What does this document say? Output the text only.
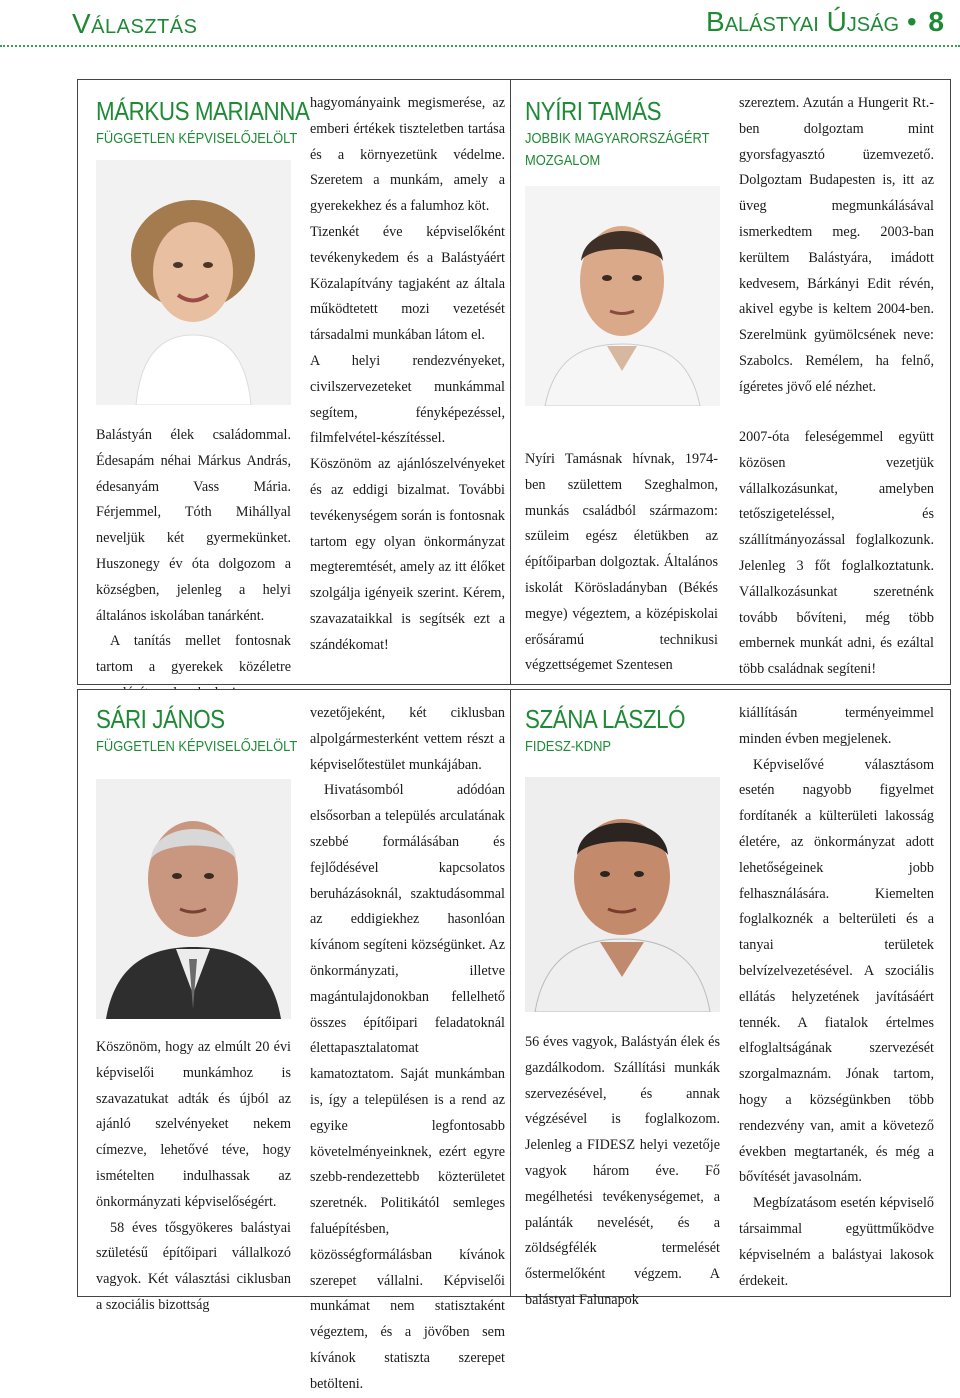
Választás	Balástyai Újság • 8
MÁRKUS MARIANNA
FÜGGETLEN KÉPVISELŐJELÖLT

Balástyán élek családommal. Édesapám néhai Márkus András, édesanyám Vass Mária. Férjemmel, Tóth Mihállyal neveljük két gyermekünket. Huszonegy év óta dolgozom a községben, jelenleg a helyi általános iskolában tanárként.

A tanítás mellet fontosnak tartom a gyerekek közéletre

hagyományaink megismerése, az emberi értékek tiszteletben tartása és a környezetünk védelme. Szeretem a munkám, amely a gyerekekhez és a falumhoz köt.

Tizenkét éve képviselőként tevékenykedem és a Balástyáért Közalapítvány tagjaként az általa működtetett mozi vezetését társadalmi munkában látom el.

A helyi rendezvényeket, civilszervezeteket munkámmal segítem, fényképezéssel, filmfelvétel-készítéssel.

Köszönöm az ajánlószelvényeket és az eddigi bizalmat. További tevékenységem során is fontosnak tartom egy olyan önkormányzat megteremtését, amely az itt élőket szolgálja igényeik szerint. Kérem, szavazataikkal is segítsék ezt a szándékomat!

NYÍRI TAMÁS
JOBBIK MAGYARORSZÁGÉRT
MOZGALOM

Nyíri Tamásnak hívnak, 1974-ben születtem Szeghalmon, munkás családból származom: szüleim egész életükben az építőiparban dolgoztak. Általános iskolát Körösladányban (Békés megye) végeztem, a középiskolai erősáramú technikusi végzettségemet Szentesen

szereztem. Azután a Hungerit Rt.-ben dolgoztam mint gyorsfagyasztó üzemvezető. Dolgoztam Budapesten is, itt az üveg megmunkálásával ismerkedtem meg. 2003-ban kerültem Balástyára, imádott kedvesem, Bárkányi Edit révén, akivel egybe is keltem 2004-ben. Szerelmünk gyümölcsének neve: Szabolcs. Remélem, ha felnő, ígéretes jövő elé nézhet.

2007-óta feleségemmel együtt közösen vezetjük vállalkozásunkat, amelyben tetőszigeteléssel, és szállítmányozással foglalkozunk. Jelenleg 3 főt foglalkoztatunk. Vállalkozásunkat szeretnénk tovább bővíteni, még több embernek munkát adni, és ezáltal több családnak segíteni!

SÁRI JÁNOS
FÜGGETLEN KÉPVISELŐJELÖLT

Köszönöm, hogy az elmúlt 20 évi képviselői munkámhoz is szavazatukat adták és újból az ajánló szelvényeket nekem címezve, lehetővé téve, hogy ismételten indulhassak az önkormányzati képviselőségért.

58 éves tősgyökeres balástyai születésű építőipari vállalkozó vagyok. Két választási ciklusban a szociális bizottság

vezetőjeként, két ciklusban alpolgármesterként vettem részt a képviselőtestület munkájában.

Hivatásomból adódóan elsősorban a település arculatának szebbé formálásában és fejlődésével kapcsolatos beruházásoknál, szaktudásommal az eddigiekhez hasonlóan kívánom segíteni községünket. Az önkormányzati, illetve magántulajdonokban fellelhető összes építőipari feladatoknál élettapasztalatomat kamatoztatom. Saját munkámban is, így a településen is a rend az egyike legfontosabb követelményeinknek, ezért egyre szebb-rendezettebb közterületet szeretnék. Politikától semleges faluépítésben, közösségformálásban kívánok szerepet vállalni. Képviselői munkámat nem statisztaként végeztem, és a jövőben sem kívánok statiszta szerepet betölteni.

SZÁNA LÁSZLÓ
FIDESZ-KDNP

56 éves vagyok, Balástyán élek és gazdálkodom. Szállítási munkák szervezésével, és annak végzésével is foglalkozom. Jelenleg a FIDESZ helyi vezetője vagyok három éve. Fő megélhetési tevékenységemet, a palánták nevelését, és a zöldségfélék termelését őstermelőként végzem. A balástyai Falunapok

kiállításán terményeimmel minden évben megjelenek.

Képviselővé választásom esetén nagyobb figyelmet fordítanék a külterületi lakosság életére, az önkormányzat adott lehetőségeinek jobb felhasználására. Kiemelten foglalkoznék a belterületi és a tanyai területek belvízelvezetésével. A szociális ellátás helyzetének javításáért tennék. A fiatalok értelmes elfoglaltságának szervezését szorgalmaznám. Jónak tartom, hogy a községünkben több rendezvény van, amit a követező években megtartanék, és még a bővítését javasolnám.

Megbízatásom esetén képviselő társaimmal együttműködve képviselném a balástyai lakosok érdekeit.
